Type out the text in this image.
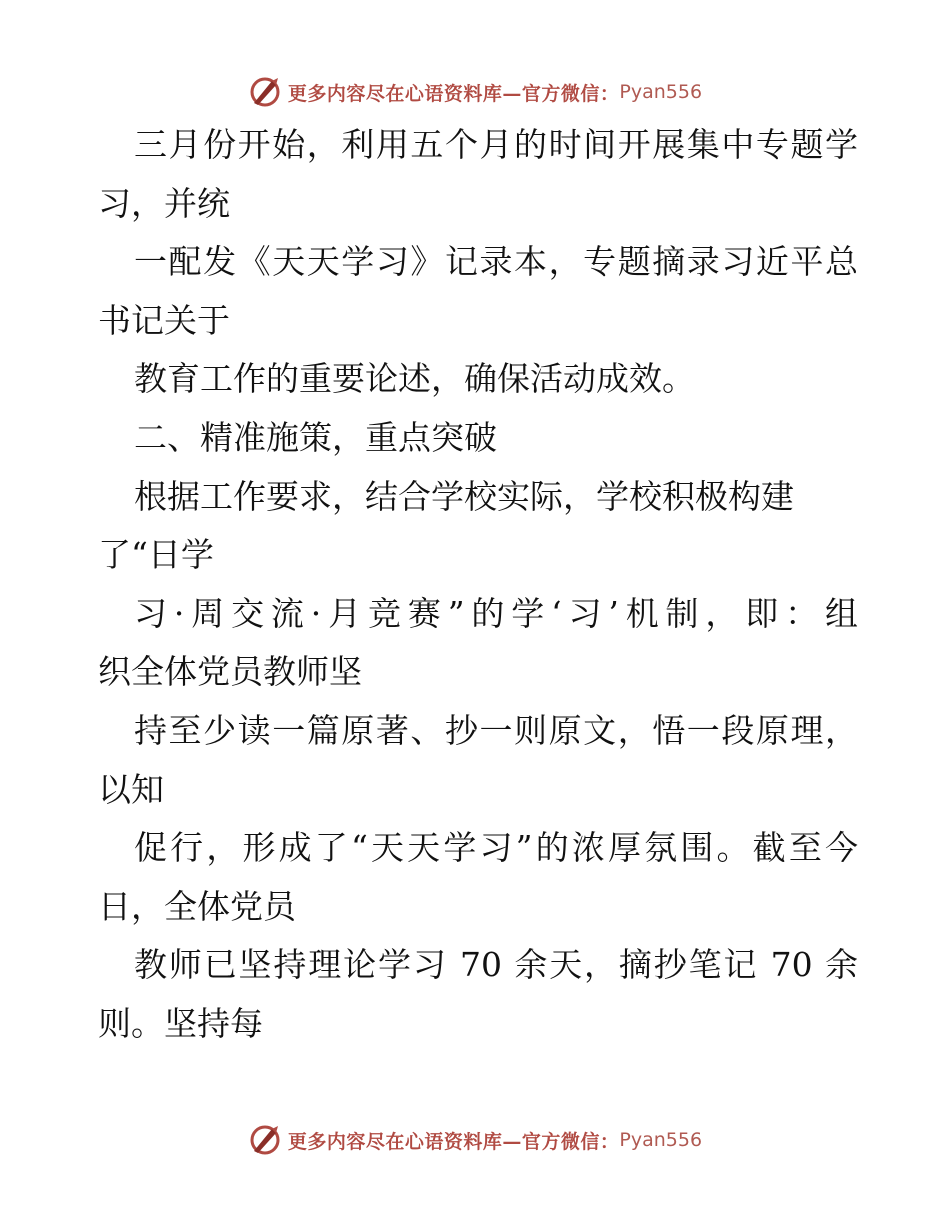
更多内容尽在心语资料库—官方微信： Pyan556
三月份开始，利用五个月的时间开展集中专题学
习，并统
一配发《天天学习》记录本，专题摘录习近平总
书记关于
教育工作的重要论述，确保活动成效。
二、精准施策，重点突破
根据工作要求，结合学校实际，学校积极构建
了“日学
习·周交流·月竞赛”的学‘习’机制，即：组
织全体党员教师坚
持至少读一篇原著、抄一则原文，悟一段原理，
以知
促行，形成了“天天学习”的浓厚氛围。截至今
日，全体党员
教师已坚持理论学习 70 余天，摘抄笔记 70 余
则。坚持每
更多内容尽在心语资料库—官方微信： Pyan556
